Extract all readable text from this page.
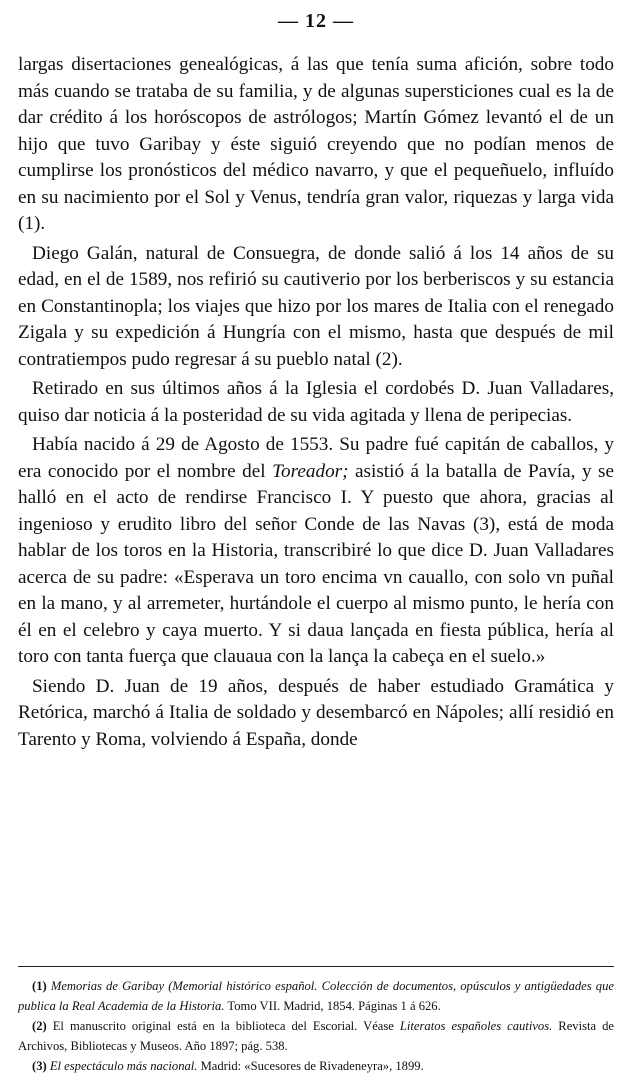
— 12 —

largas disertaciones genealógicas, á las que tenía suma afición, sobre todo más cuando se trataba de su familia, y de algunas supersticiones cual es la de dar crédito á los horóscopos de astrólogos; Martín Gómez levantó el de un hijo que tuvo Garibay y éste siguió creyendo que no podían menos de cumplirse los pronósticos del médico navarro, y que el pequeñuelo, influído en su nacimiento por el Sol y Venus, tendría gran valor, riquezas y larga vida (1).

Diego Galán, natural de Consuegra, de donde salió á los 14 años de su edad, en el de 1589, nos refirió su cautiverio por los berberiscos y su estancia en Constantinopla; los viajes que hizo por los mares de Italia con el renegado Zigala y su expedición á Hungría con el mismo, hasta que después de mil contratiempos pudo regresar á su pueblo natal (2).

Retirado en sus últimos años á la Iglesia el cordobés D. Juan Valladares, quiso dar noticia á la posteridad de su vida agitada y llena de peripecias.

Había nacido á 29 de Agosto de 1553. Su padre fué capitán de caballos, y era conocido por el nombre del Toreador; asistió á la batalla de Pavía, y se halló en el acto de rendirse Francisco I. Y puesto que ahora, gracias al ingenioso y erudito libro del señor Conde de las Navas (3), está de moda hablar de los toros en la Historia, transcribiré lo que dice D. Juan Valladares acerca de su padre: «Esperava un toro encima vn cauallo, con solo vn puñal en la mano, y al arremeter, hurtándole el cuerpo al mismo punto, le hería con él en el celebro y caya muerto. Y si daua lançada en fiesta pública, hería al toro con tanta fuerça que clauaua con la lança la cabeça en el suelo.»

Siendo D. Juan de 19 años, después de haber estudiado Gramática y Retórica, marchó á Italia de soldado y desembarcó en Nápoles; allí residió en Tarento y Roma, volviendo á España, donde

(1) Memorias de Garibay (Memorial histórico español. Colección de documentos, opúsculos y antigüedades que publica la Real Academia de la Historia. Tomo VII. Madrid, 1854. Páginas 1 á 626.

(2) El manuscrito original está en la biblioteca del Escorial. Véase Literatos españoles cautivos. Revista de Archivos, Bibliotecas y Museos. Año 1897; pág. 538.

(3) El espectáculo más nacional. Madrid: «Sucesores de Rivadeneyra», 1899.
